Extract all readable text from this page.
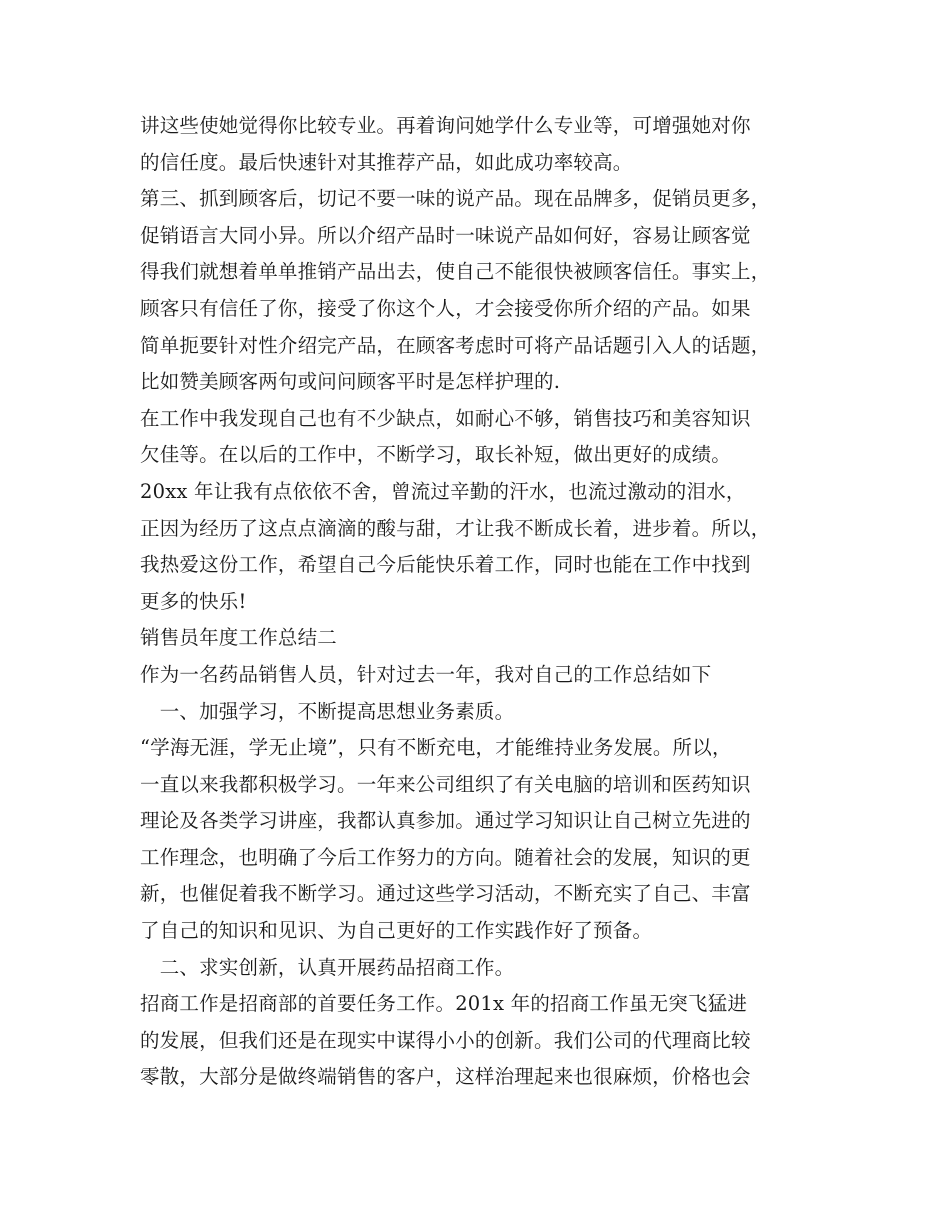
讲这些使她觉得你比较专业。再着询问她学什么专业等，可增强她对你
的信任度。最后快速针对其推荐产品，如此成功率较高。
第三、抓到顾客后，切记不要一味的说产品。现在品牌多，促销员更多，
促销语言大同小异。所以介绍产品时一味说产品如何好，容易让顾客觉
得我们就想着单单推销产品出去，使自己不能很快被顾客信任。事实上，
顾客只有信任了你，接受了你这个人，才会接受你所介绍的产品。如果
简单扼要针对性介绍完产品，在顾客考虑时可将产品话题引入人的话题，
比如赞美顾客两句或问问顾客平时是怎样护理的.
在工作中我发现自己也有不少缺点，如耐心不够，销售技巧和美容知识
欠佳等。在以后的工作中，不断学习，取长补短，做出更好的成绩。
20xx 年让我有点依依不舍，曾流过辛勤的汗水，也流过激动的泪水，
正因为经历了这点点滴滴的酸与甜，才让我不断成长着，进步着。所以，
我热爱这份工作，希望自己今后能快乐着工作，同时也能在工作中找到
更多的快乐!
销售员年度工作总结二
作为一名药品销售人员，针对过去一年，我对自己的工作总结如下
　一、加强学习，不断提高思想业务素质。
“学海无涯，学无止境”，只有不断充电，才能维持业务发展。所以，
一直以来我都积极学习。一年来公司组织了有关电脑的培训和医药知识
理论及各类学习讲座，我都认真参加。通过学习知识让自己树立先进的
工作理念，也明确了今后工作努力的方向。随着社会的发展，知识的更
新，也催促着我不断学习。通过这些学习活动，不断充实了自己、丰富
了自己的知识和见识、为自己更好的工作实践作好了预备。
　二、求实创新，认真开展药品招商工作。
招商工作是招商部的首要任务工作。201x 年的招商工作虽无突飞猛进
的发展，但我们还是在现实中谋得小小的创新。我们公司的代理商比较
零散，大部分是做终端销售的客户，这样治理起来也很麻烦，价格也会
